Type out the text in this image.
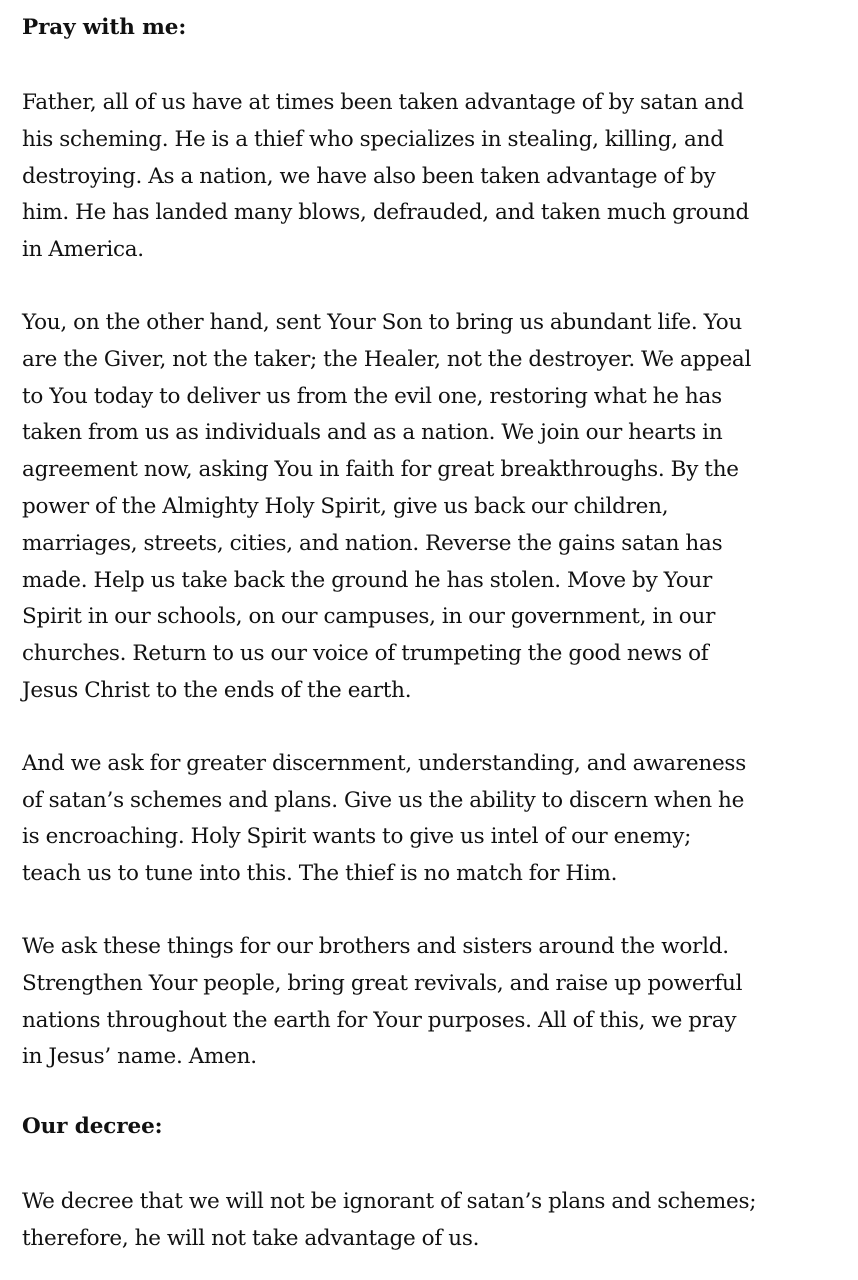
Pray with me:

Father, all of us have at times been taken advantage of by satan and
his scheming. He is a thief who specializes in stealing, killing, and
destroying. As a nation, we have also been taken advantage of by
him. He has landed many blows, defrauded, and taken much ground
in America.

You, on the other hand, sent Your Son to bring us abundant life. You
are the Giver, not the taker; the Healer, not the destroyer. We appeal
to You today to deliver us from the evil one, restoring what he has
taken from us as individuals and as a nation. We join our hearts in
agreement now, asking You in faith for great breakthroughs. By the
power of the Almighty Holy Spirit, give us back our children,
marriages, streets, cities, and nation. Reverse the gains satan has
made. Help us take back the ground he has stolen. Move by Your
Spirit in our schools, on our campuses, in our government, in our
churches. Return to us our voice of trumpeting the good news of
Jesus Christ to the ends of the earth.

And we ask for greater discernment, understanding, and awareness
of satan’s schemes and plans. Give us the ability to discern when he
is encroaching. Holy Spirit wants to give us intel of our enemy;
teach us to tune into this. The thief is no match for Him.

We ask these things for our brothers and sisters around the world.
Strengthen Your people, bring great revivals, and raise up powerful
nations throughout the earth for Your purposes. All of this, we pray
in Jesus’ name. Amen.

Our decree:

We decree that we will not be ignorant of satan’s plans and schemes;
therefore, he will not take advantage of us.
